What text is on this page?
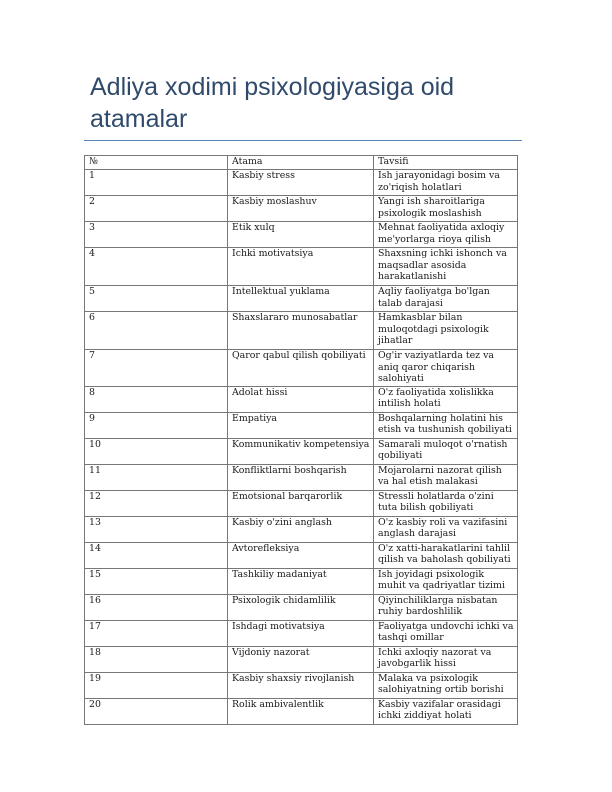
Adliya xodimi psixologiyasiga oid atamalar
№	Atama	Tavsifi
1	Kasbiy stress	Ish jarayonidagi bosim va zo'riqish holatlari
2	Kasbiy moslashuv	Yangi ish sharoitlariga psixologik moslashish
3	Etik xulq	Mehnat faoliyatida axloqiy me'yorlarga rioya qilish
4	Ichki motivatsiya	Shaxsning ichki ishonch va maqsadlar asosida harakatlanishi
5	Intellektual yuklama	Aqliy faoliyatga bo'lgan talab darajasi
6	Shaxslararo munosabatlar	Hamkasblar bilan muloqotdagi psixologik jihatlar
7	Qaror qabul qilish qobiliyati	Og'ir vaziyatlarda tez va aniq qaror chiqarish salohiyati
8	Adolat hissi	O'z faoliyatida xolislikka intilish holati
9	Empatiya	Boshqalarning holatini his etish va tushunish qobiliyati
10	Kommunikativ kompetensiya	Samarali muloqot o'rnatish qobiliyati
11	Konfliktlarni boshqarish	Mojarolarni nazorat qilish va hal etish malakasi
12	Emotsional barqarorlik	Stressli holatlarda o'zini tuta bilish qobiliyati
13	Kasbiy o'zini anglash	O'z kasbiy roli va vazifasini anglash darajasi
14	Avtorefleksiya	O'z xatti-harakatlarini tahlil qilish va baholash qobiliyati
15	Tashkiliy madaniyat	Ish joyidagi psixologik muhit va qadriyatlar tizimi
16	Psixologik chidamlilik	Qiyinchiliklarga nisbatan ruhiy bardoshlilik
17	Ishdagi motivatsiya	Faoliyatga undovchi ichki va tashqi omillar
18	Vijdoniy nazorat	Ichki axloqiy nazorat va javobgarlik hissi
19	Kasbiy shaxsiy rivojlanish	Malaka va psixologik salohiyatning ortib borishi
20	Rolik ambivalentlik	Kasbiy vazifalar orasidagi ichki ziddiyat holati
